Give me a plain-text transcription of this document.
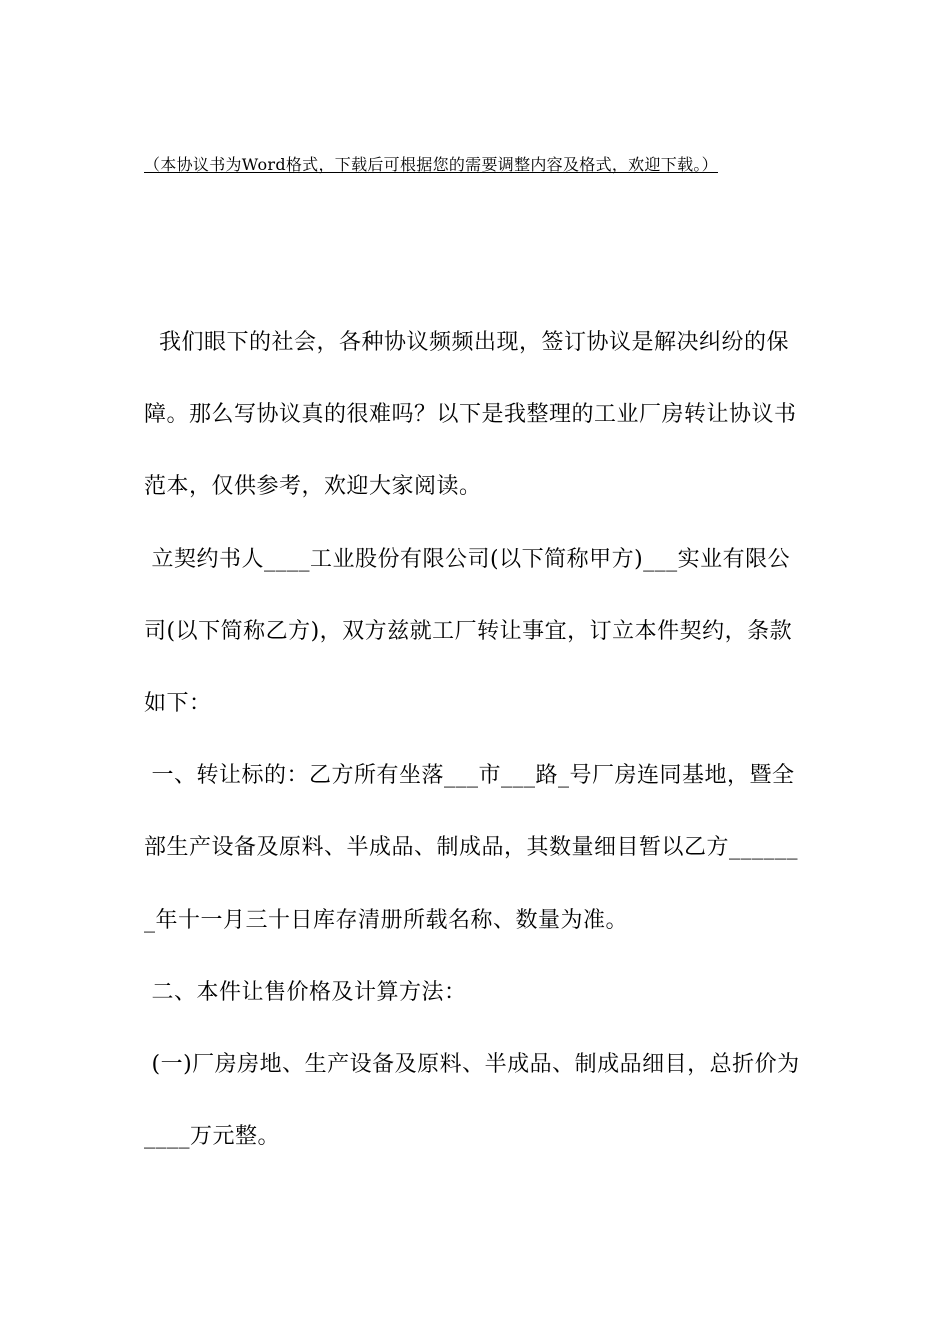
（本协议书为Word格式，下载后可根据您的需要调整内容及格式，欢迎下载。）

我们眼下的社会，各种协议频频出现，签订协议是解决纠纷的保障。那么写协议真的很难吗？以下是我整理的工业厂房转让协议书范本，仅供参考，欢迎大家阅读。

立契约书人____工业股份有限公司(以下简称甲方)___实业有限公司(以下简称乙方)，双方兹就工厂转让事宜，订立本件契约，条款如下：

一、转让标的：乙方所有坐落___市___路_号厂房连同基地，暨全部生产设备及原料、半成品、制成品，其数量细目暂以乙方_______年十一月三十日库存清册所载名称、数量为准。

二、本件让售价格及计算方法：

(一)厂房房地、生产设备及原料、半成品、制成品细目，总折价为____万元整。
